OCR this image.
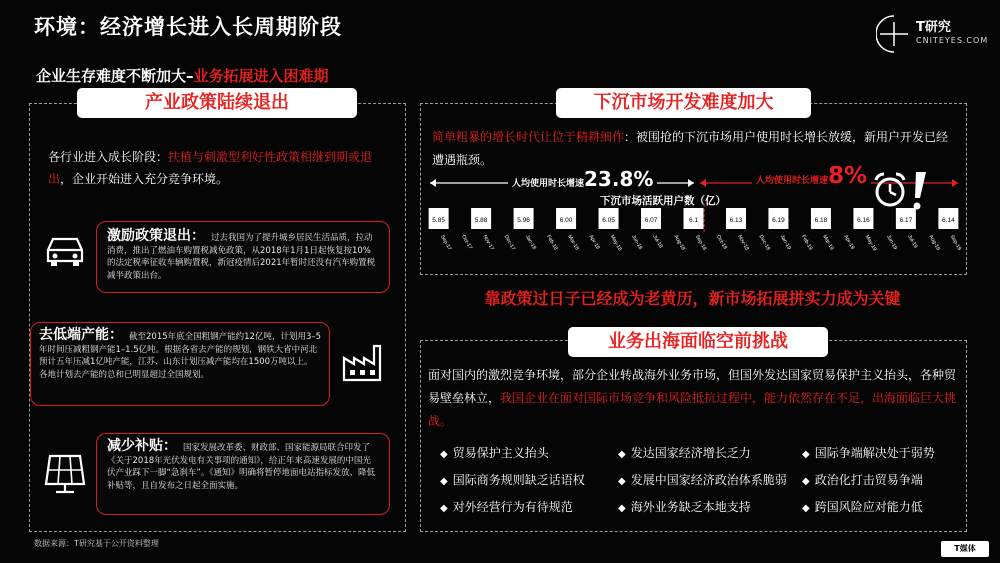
环境：经济增长进入长周期阶段	T研究
CNITEYES.COM
企业生存难度不断加大–业务拓展进入困难期
产业政策陆续退出	下沉市场开发难度加大
业务出海面临空前挑战
各行业进入成长阶段：扶植与刺激型利好性政策相继到期或退出，企业开始进入充分竞争环境。
激励政策退出： 过去我国为了提升城乡居民生活品质，拉动消费，推出了燃油车购置税减免政策，从2018年1月1日起恢复按10%的法定税率征收车辆购置税，新冠疫情后2021年暂时还没有汽车购置税减半政策出台。
去低端产能： 截至2015年底全国粗钢产能约12亿吨，计划用3–5年时间压减粗钢产能1–1.5亿吨。根据各省去产能的规划，钢铁大省中河北预计五年压减1亿吨产能，江苏、山东计划压减产能均在1500万吨以上。各地计划去产能的总和已明显超过全国规划。
减少补贴： 国家发展改革委、财政部、国家能源局联合印发了《关于2018年光伏发电有关事项的通知》，给正年来高速发展的中国光伏产业踩下一脚“急刹车”。《通知》明确将暂停地面电站指标发放、降低补贴等，且自发布之日起全面实施。
简单粗暴的增长时代让位于精耕细作：被围抢的下沉市场用户使用时长增长放缓，新用户开发已经遭遇瓶颈。
人均使用时长增速23.8%	人均使用时长增速8%
下沉市场活跃用户数（亿）
5.85
Sep-17 Oct-17
5.88
Nov-17 Dec-17
5.96
Jan-18 Feb-18
6.00
Mar-18 Apr-18
6.05
May-18 Jun-18
6.07
Jul-18 Aug-18
6.1
Sep-18 Oct-18
6.13
Nov-18 Dec-18
6.19
Jan-19 Feb-19
6.18
Mar-19 Apr-19
6.16
May-19 Jun-19
6.17
Jul-19 Aug-19
6.14
Sep-19
靠政策过日子已经成为老黄历，新市场拓展拼实力成为关键
面对国内的激烈竞争环境，部分企业转战海外业务市场，但国外发达国家贸易保护主义抬头，各种贸易壁垒林立，我国企业在面对国际市场竞争和风险抵抗过程中，能力依然存在不足，出海面临巨大挑战。
◆ 贸易保护主义抬头	◆ 发达国家经济增长乏力	◆ 国际争端解决处于弱势
◆ 国际商务规则缺乏话语权	◆ 发展中国家经济政治体系脆弱	◆ 政治化打击贸易争端
◆ 对外经营行为有待规范	◆ 海外业务缺乏本地支持	◆ 跨国风险应对能力低
数据来源：T研究基于公开资料整理
T媒体
